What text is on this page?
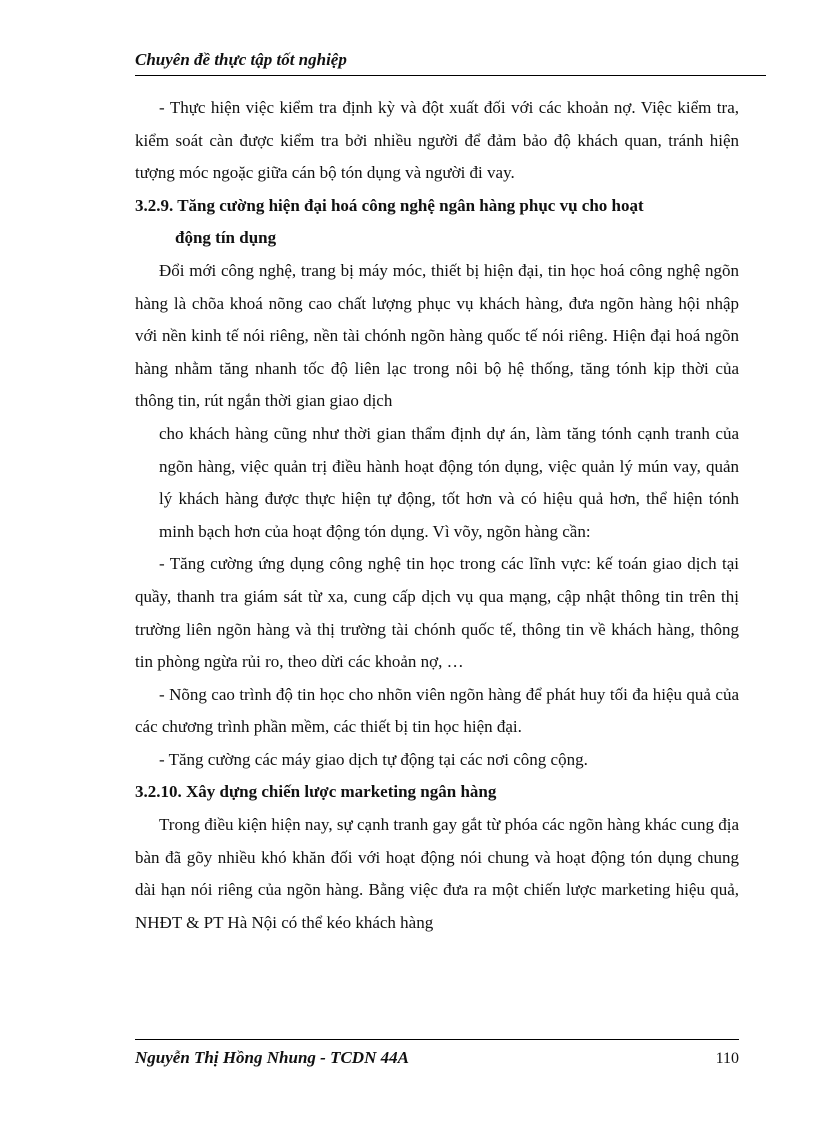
Chuyên đề thực tập tốt nghiệp

- Thực hiện việc kiểm tra định kỳ và đột xuất đối với các khoản nợ. Việc kiểm tra, kiểm soát càn được kiểm tra bởi nhiều người để đảm bảo độ khách quan, tránh hiện tượng móc ngoặc giữa cán bộ tón dụng và người đi vay.

3.2.9. Tăng cường hiện đại hoá công nghệ ngân hàng phục vụ cho hoạt

động tín dụng

Đổi mới công nghệ, trang bị máy móc, thiết bị hiện đại, tin học hoá công nghệ ngõn hàng là chõa khoá nõng cao chất lượng phục vụ khách hàng, đưa ngõn hàng hội nhập với nền kinh tế nói riêng, nền tài chónh ngõn hàng quốc tế nói riêng. Hiện đại hoá ngõn hàng nhằm tăng nhanh tốc độ liên lạc trong nôi bộ hệ thống, tăng tónh kịp thời của thông tin, rút ngắn thời gian giao dịch

cho khách hàng cũng như thời gian thẩm định dự án, làm tăng tónh cạnh tranh của ngõn hàng, việc quản trị điều hành hoạt động tón dụng, việc quản lý mún vay, quản lý khách hàng được thực hiện tự động, tốt hơn và có hiệu quả hơn, thể hiện tónh minh bạch hơn của hoạt động tón dụng. Vì võy, ngõn hàng cần:

- Tăng cường ứng dụng công nghệ tin học trong các lĩnh vực: kế toán giao dịch tại quầy, thanh tra giám sát từ xa, cung cấp dịch vụ qua mạng, cập nhật thông tin trên thị trường liên ngõn hàng và thị trường tài chónh quốc tế, thông tin về khách hàng, thông tin phòng ngừa rủi ro, theo dừi các khoản nợ, …

- Nõng cao trình độ tin học cho nhõn viên ngõn hàng để phát huy tối đa hiệu quả của các chương trình phần mềm, các thiết bị tin học hiện đại.

- Tăng cường các máy giao dịch tự động tại các nơi công cộng.

3.2.10. Xây dựng chiến lược marketing ngân hàng

Trong điều kiện hiện nay, sự cạnh tranh gay gắt từ phóa các ngõn hàng khác cung địa bàn đã gõy nhiều khó khăn đối với hoạt động nói chung và hoạt động tón dụng chung dài hạn nói riêng của ngõn hàng. Bằng việc đưa ra một chiến lược marketing hiệu quả, NHĐT & PT Hà Nội có thể kéo khách hàng

Nguyễn Thị Hồng Nhung - TCDN 44A	110
